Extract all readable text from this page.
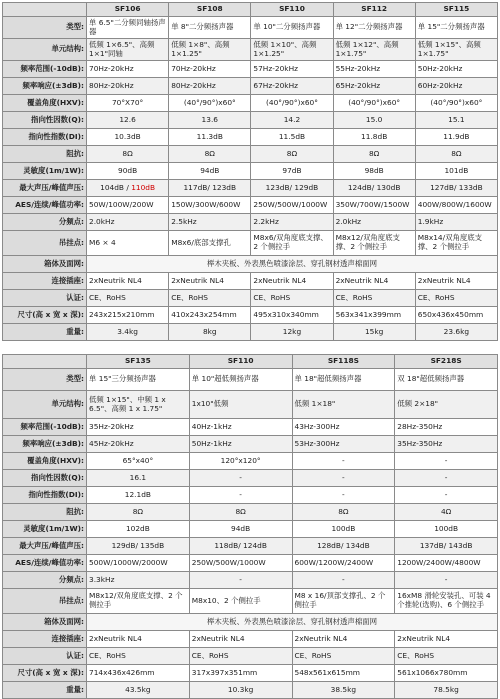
	SF106	SF108	SF110	SF112	SF115
类型:	单 6.5"二分频同轴扬声器	单 8"二分频扬声器	单 10"二分频扬声器	单 12"二分频扬声器	单 15"二分频扬声器
单元结构:	低频 1×6.5"、高频 1×1"同轴	低频 1×8"、高频 1×1.25"	低频 1×10"、高频 1×1.25"	低频 1×12"、高频 1×1.75"	低频 1×15"、高频 1×1.75"
频率范围(-10dB):	70Hz-20kHz	70Hz-20kHz	57Hz-20kHz	55Hz-20kHz	50Hz-20kHz
频率响应(±3dB):	80Hz-20kHz	80Hz-20kHz	67Hz-20kHz	65Hz-20kHz	60Hz-20kHz
覆盖角度(HXV):	70°X70°	(40°/90°)x60°	(40°/90°)x60°	(40°/90°)x60°	(40°/90°)x60°
指向性因数(Q):	12.6	13.6	14.2	15.0	15.1
指向性指数(DI):	10.3dB	11.3dB	11.5dB	11.8dB	11.9dB
阻抗:	8Ω	8Ω	8Ω	8Ω	8Ω
灵敏度(1m/1W):	90dB	94dB	97dB	98dB	101dB
最大声压/峰值声压:	104dB / 110dB	117dB/ 123dB	123dB/ 129dB	124dB/ 130dB	127dB/ 133dB
AES/连续/峰值功率:	50W/100W/200W	150W/300W/600W	250W/500W/1000W	350W/700W/1500W	400W/800W/1600W
分频点:	2.0kHz	2.5kHz	2.2kHz	2.0kHz	1.9kHz
吊挂点:	M6 × 4	M8x6/底部支撑孔	M8x6/双角度底支撑、2 个侧拉手	M8x12/双角度底支撑、2 个侧拉手	M8x14/双角度底支撑、2 个侧拉手
箱体及面网:	榉木夹板、外表黑色喷漆涂层、穿孔钢材透声棉面网				
连接插座:	2xNeutrik NL4	2xNeutrik NL4	2xNeutrik NL4	2xNeutrik NL4	2xNeutrik NL4
认证:	CE、RoHS	CE、RoHS	CE、RoHS	CE、RoHS	CE、RoHS
尺寸(高 x 宽 x 深):	243x215x210mm	410x243x254mm	495x310x340mm	563x341x399mm	650x436x450mm
重量:	3.4kg	8kg	12kg	15kg	23.6kg
	SF135	SF110	SF118S	SF218S
类型:	单 15"三分频扬声器	单 10"超低频扬声器	单 18"超低频扬声器	双 18"超低频扬声器
单元结构:	低频 1×15"、中频 1 x 6.5"、高频 1 x 1.75"	1x10"低频	低频 1×18"	低频 2×18"
频率范围(-10dB):	35Hz-20kHz	40Hz-1kHz	43Hz-300Hz	28Hz-350Hz
频率响应(±3dB):	45Hz-20kHz	50Hz-1kHz	53Hz-300Hz	35Hz-350Hz
覆盖角度(HXV):	65°x40°	120°x120°	-	-
指向性因数(Q):	16.1	-	-	-
指向性指数(DI):	12.1dB	-	-	-
阻抗:	8Ω	8Ω	8Ω	4Ω
灵敏度(1m/1W):	102dB	94dB	100dB	100dB
最大声压/峰值声压:	129dB/ 135dB	118dB/ 124dB	128dB/ 134dB	137dB/ 143dB
AES/连续/峰值功率:	500W/1000W/2000W	250W/500W/1000W	600W/1200W/2400W	1200W/2400W/4800W
分频点:	3.3kHz	-	-	-
吊挂点:	M8x12/双角度底支撑、2 个侧拉手	M8x10、2 个侧拉手	M8 x 16/顶部支撑孔、2 个侧拉手	16xM8 滑轮安装孔、可装 4 个推轮(选购)、6 个侧拉手
箱体及面网:	榉木夹板、外表黑色喷漆涂层、穿孔钢材透声棉面网			
连接插座:	2xNeutrik NL4	2xNeutrik NL4	2xNeutrik NL4	2xNeutrik NL4
认证:	CE、RoHS	CE、RoHS	CE、RoHS	CE、RoHS
尺寸(高 x 宽 x 深):	714x436x426mm	317x397x351mm	548x561x615mm	561x1066x780mm
重量:	43.5kg	10.3kg	38.5kg	78.5kg
